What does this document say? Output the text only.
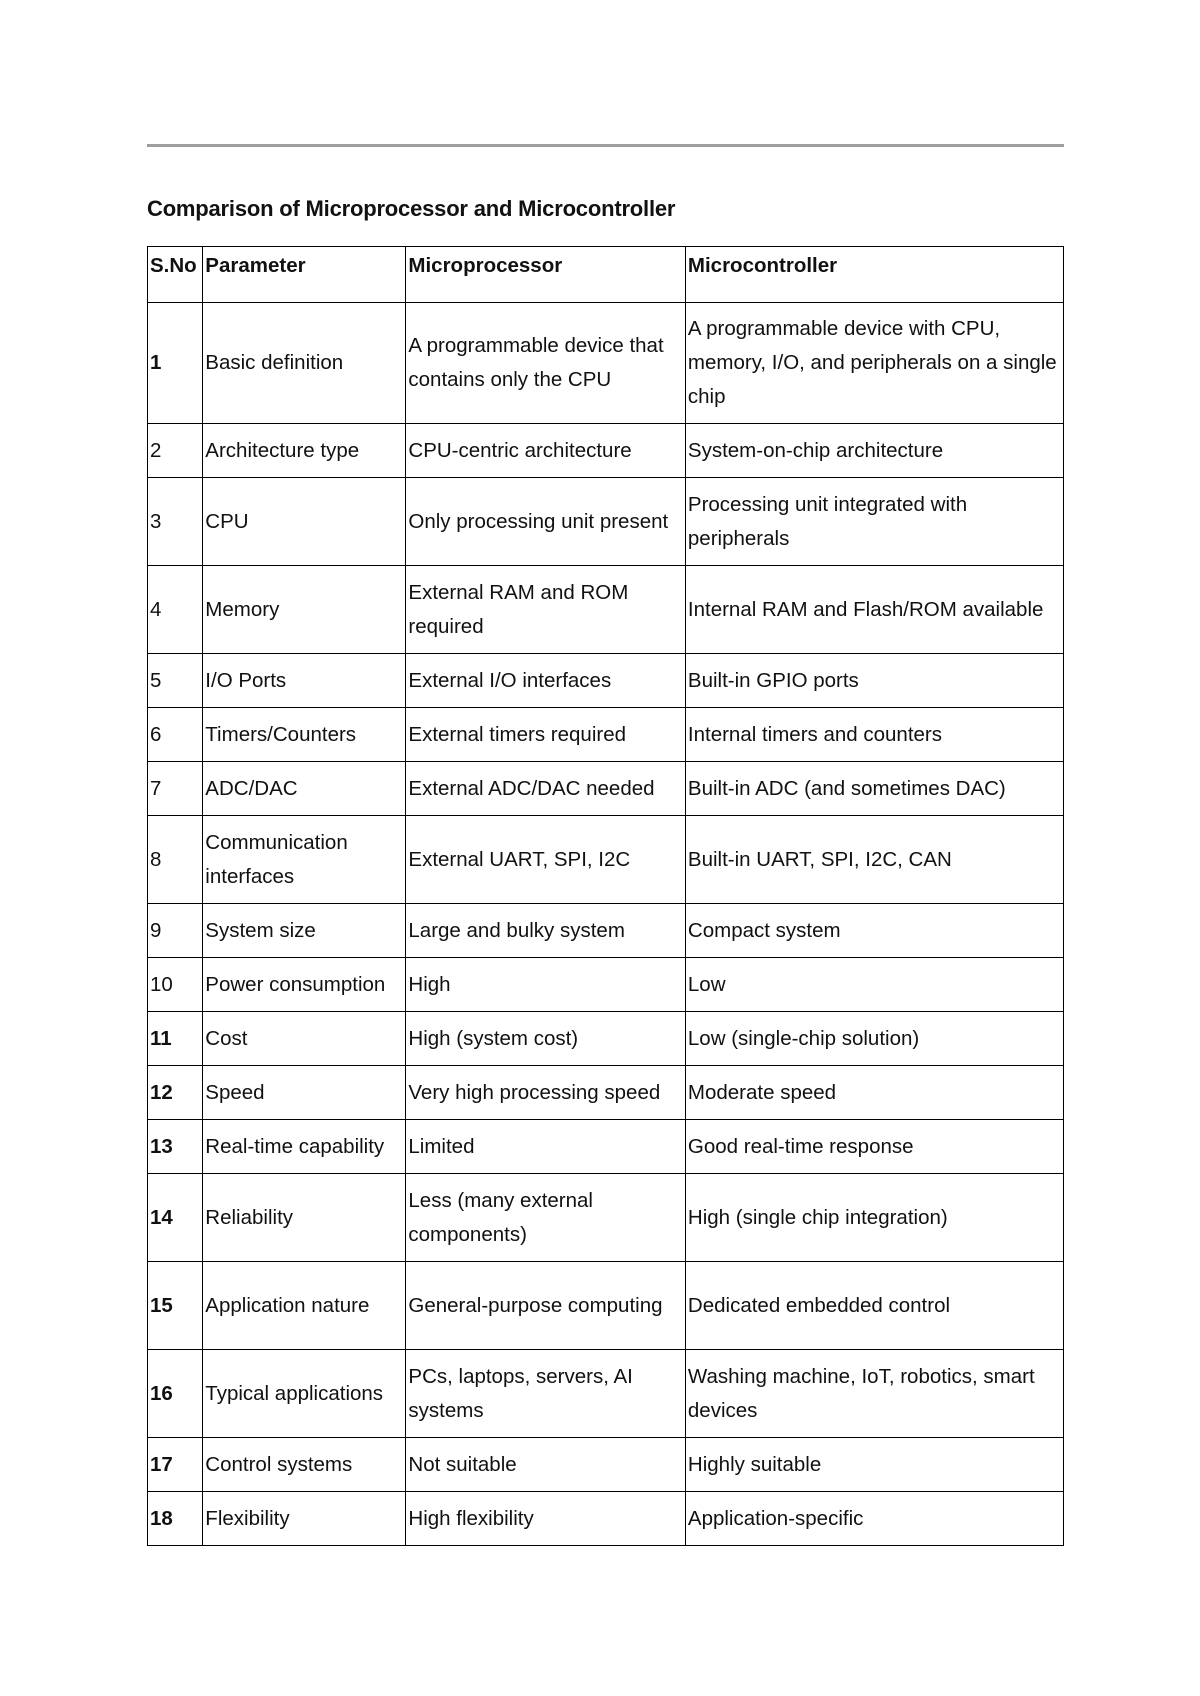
Comparison of Microprocessor and Microcontroller
S.No	Parameter	Microprocessor	Microcontroller
1	Basic definition	A programmable device that contains only the CPU	A programmable device with CPU, memory, I/O, and peripherals on a single chip
2	Architecture type	CPU-centric architecture	System-on-chip architecture
3	CPU	Only processing unit present	Processing unit integrated with peripherals
4	Memory	External RAM and ROM required	Internal RAM and Flash/ROM available
5	I/O Ports	External I/O interfaces	Built-in GPIO ports
6	Timers/Counters	External timers required	Internal timers and counters
7	ADC/DAC	External ADC/DAC needed	Built-in ADC (and sometimes DAC)
8	Communication interfaces	External UART, SPI, I2C	Built-in UART, SPI, I2C, CAN
9	System size	Large and bulky system	Compact system
10	Power consumption	High	Low
11	Cost	High (system cost)	Low (single-chip solution)
12	Speed	Very high processing speed	Moderate speed
13	Real-time capability	Limited	Good real-time response
14	Reliability	Less (many external components)	High (single chip integration)
15	Application nature	General-purpose computing	Dedicated embedded control
16	Typical applications	PCs, laptops, servers, AI systems	Washing machine, IoT, robotics, smart devices
17	Control systems	Not suitable	Highly suitable
18	Flexibility	High flexibility	Application-specific
